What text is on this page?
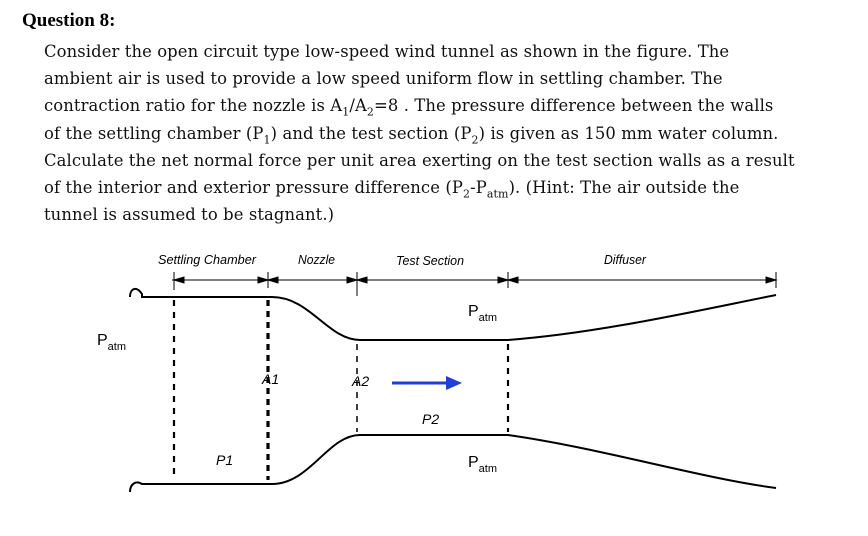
Question 8:
Consider the open circuit type low-speed wind tunnel as shown in the figure. The
ambient air is used to provide a low speed uniform flow in settling chamber. The
contraction ratio for the nozzle is $A_1/A_2=8$ . The pressure difference between the walls
of the settling chamber $(P_1)$ and the test section $(P_2)$ is given as 150 mm water column.
Calculate the net normal force per unit area exerting on the test section walls as a result
of the interior and exterior pressure difference $(P_2-P_{atm})$. (Hint: The air outside the
tunnel is assumed to be stagnant.)
Settling Chamber	Nozzle	Test Section	Diffuser
$P_{atm}$
$P_{atm}$
$P_{atm}$
A1	A2
P1
P2
